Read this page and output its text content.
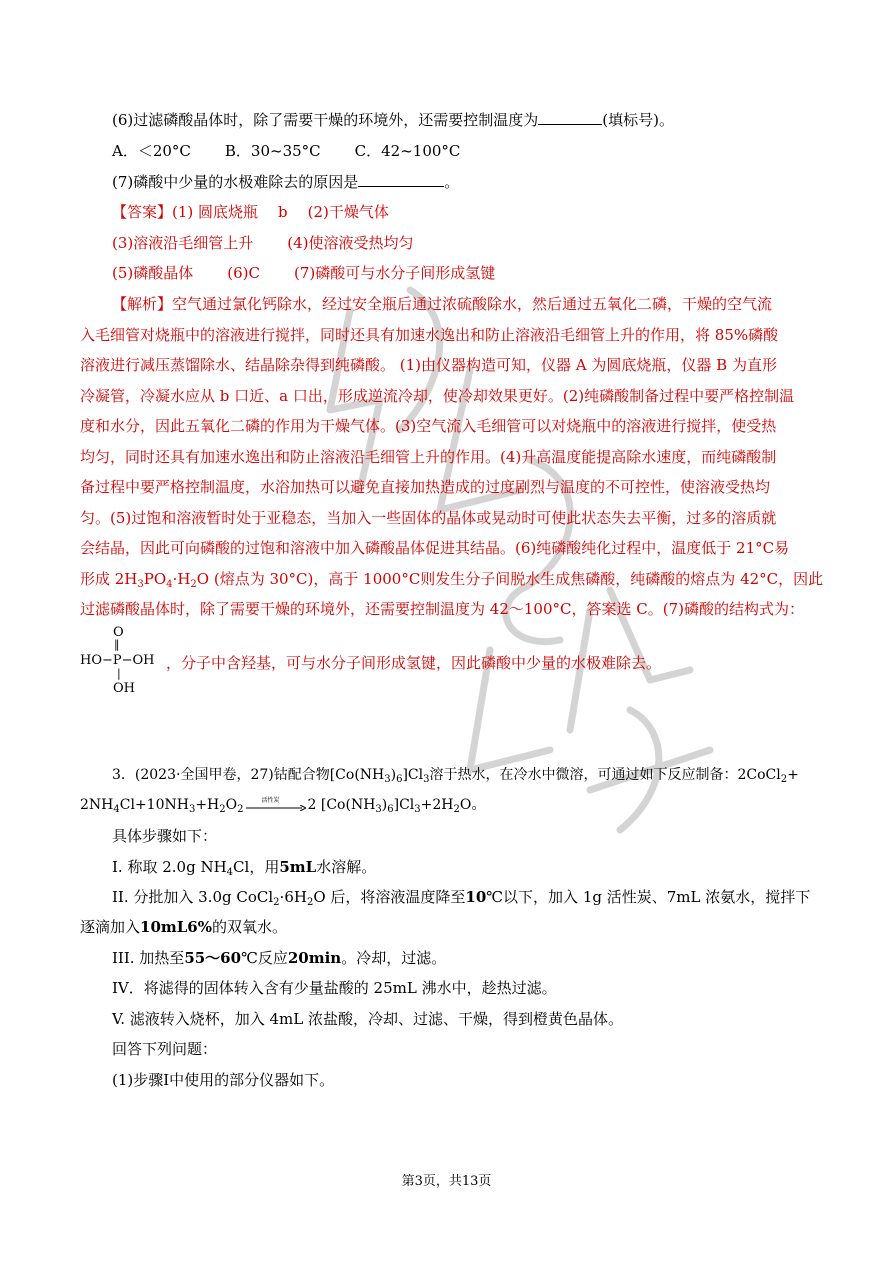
(6)过滤磷酸晶体时，除了需要干燥的环境外，还需要控制温度为	(填标号)。
A．＜20°C B．30~35°C C．42~100°C
(7)磷酸中少量的水极难除去的原因是	。
【答案】(1) 圆底烧瓶 b (2)干燥气体
(3)溶液沿毛细管上升 (4)使溶液受热均匀
(5)磷酸晶体 (6)C (7)磷酸可与水分子间形成氢键
【解析】空气通过氯化钙除水，经过安全瓶后通过浓硫酸除水，然后通过五氧化二磷，干燥的空气流
入毛细管对烧瓶中的溶液进行搅拌，同时还具有加速水逸出和防止溶液沿毛细管上升的作用，将 85%磷酸
溶液进行减压蒸馏除水、结晶除杂得到纯磷酸。 (1)由仪器构造可知，仪器 A 为圆底烧瓶，仪器 B 为直形
冷凝管，冷凝水应从 b 口近、a 口出，形成逆流冷却，使冷却效果更好。(2)纯磷酸制备过程中要严格控制温
度和水分，因此五氧化二磷的作用为干燥气体。(3)空气流入毛细管可以对烧瓶中的溶液进行搅拌，使受热
均匀，同时还具有加速水逸出和防止溶液沿毛细管上升的作用。(4)升高温度能提高除水速度，而纯磷酸制
备过程中要严格控制温度，水浴加热可以避免直接加热造成的过度剧烈与温度的不可控性，使溶液受热均
匀。(5)过饱和溶液暂时处于亚稳态，当加入一些固体的晶体或晃动时可使此状态失去平衡，过多的溶质就
会结晶，因此可向磷酸的过饱和溶液中加入磷酸晶体促进其结晶。(6)纯磷酸纯化过程中，温度低于 21°C易
形成 $2H_3PO_4\cdot H_2O$ (熔点为 30°C)，高于 1000°C则发生分子间脱水生成焦磷酸，纯磷酸的熔点为 42°C，因此
过滤磷酸晶体时，除了需要干燥的环境外，还需要控制温度为 42～100°C，答案选 C。(7)磷酸的结构式为：
O
‖
HO−P−OH
|
OH
，分子中含羟基，可与水分子间形成氢键，因此磷酸中少量的水极难除去。
3．(2023·全国甲卷，27)钴配合物$[Co(NH_3)_6]Cl_3$溶于热水，在冷水中微溶，可通过如下反应制备：2CoCl$_2$+
$2NH_4Cl+10NH_3+H_2O_2$
活性炭 2 $[Co(NH_3)_6]Cl_3+2H_2O$。
具体步骤如下：
I. 称取 2.0g $NH_4Cl$，用5mL水溶解。
II. 分批加入 3.0g $CoCl_2\cdot 6H_2O$ 后，将溶液温度降至10℃以下，加入 1g 活性炭、7mL 浓氨水，搅拌下
逐滴加入10mL6%的双氧水。
III. 加热至55～60℃反应20min。冷却，过滤。
IV．将滤得的固体转入含有少量盐酸的 25mL 沸水中，趁热过滤。
V. 滤液转入烧杯，加入 4mL 浓盐酸，冷却、过滤、干燥，得到橙黄色晶体。
回答下列问题：
(1)步骤I中使用的部分仪器如下。
第3页，共13页
